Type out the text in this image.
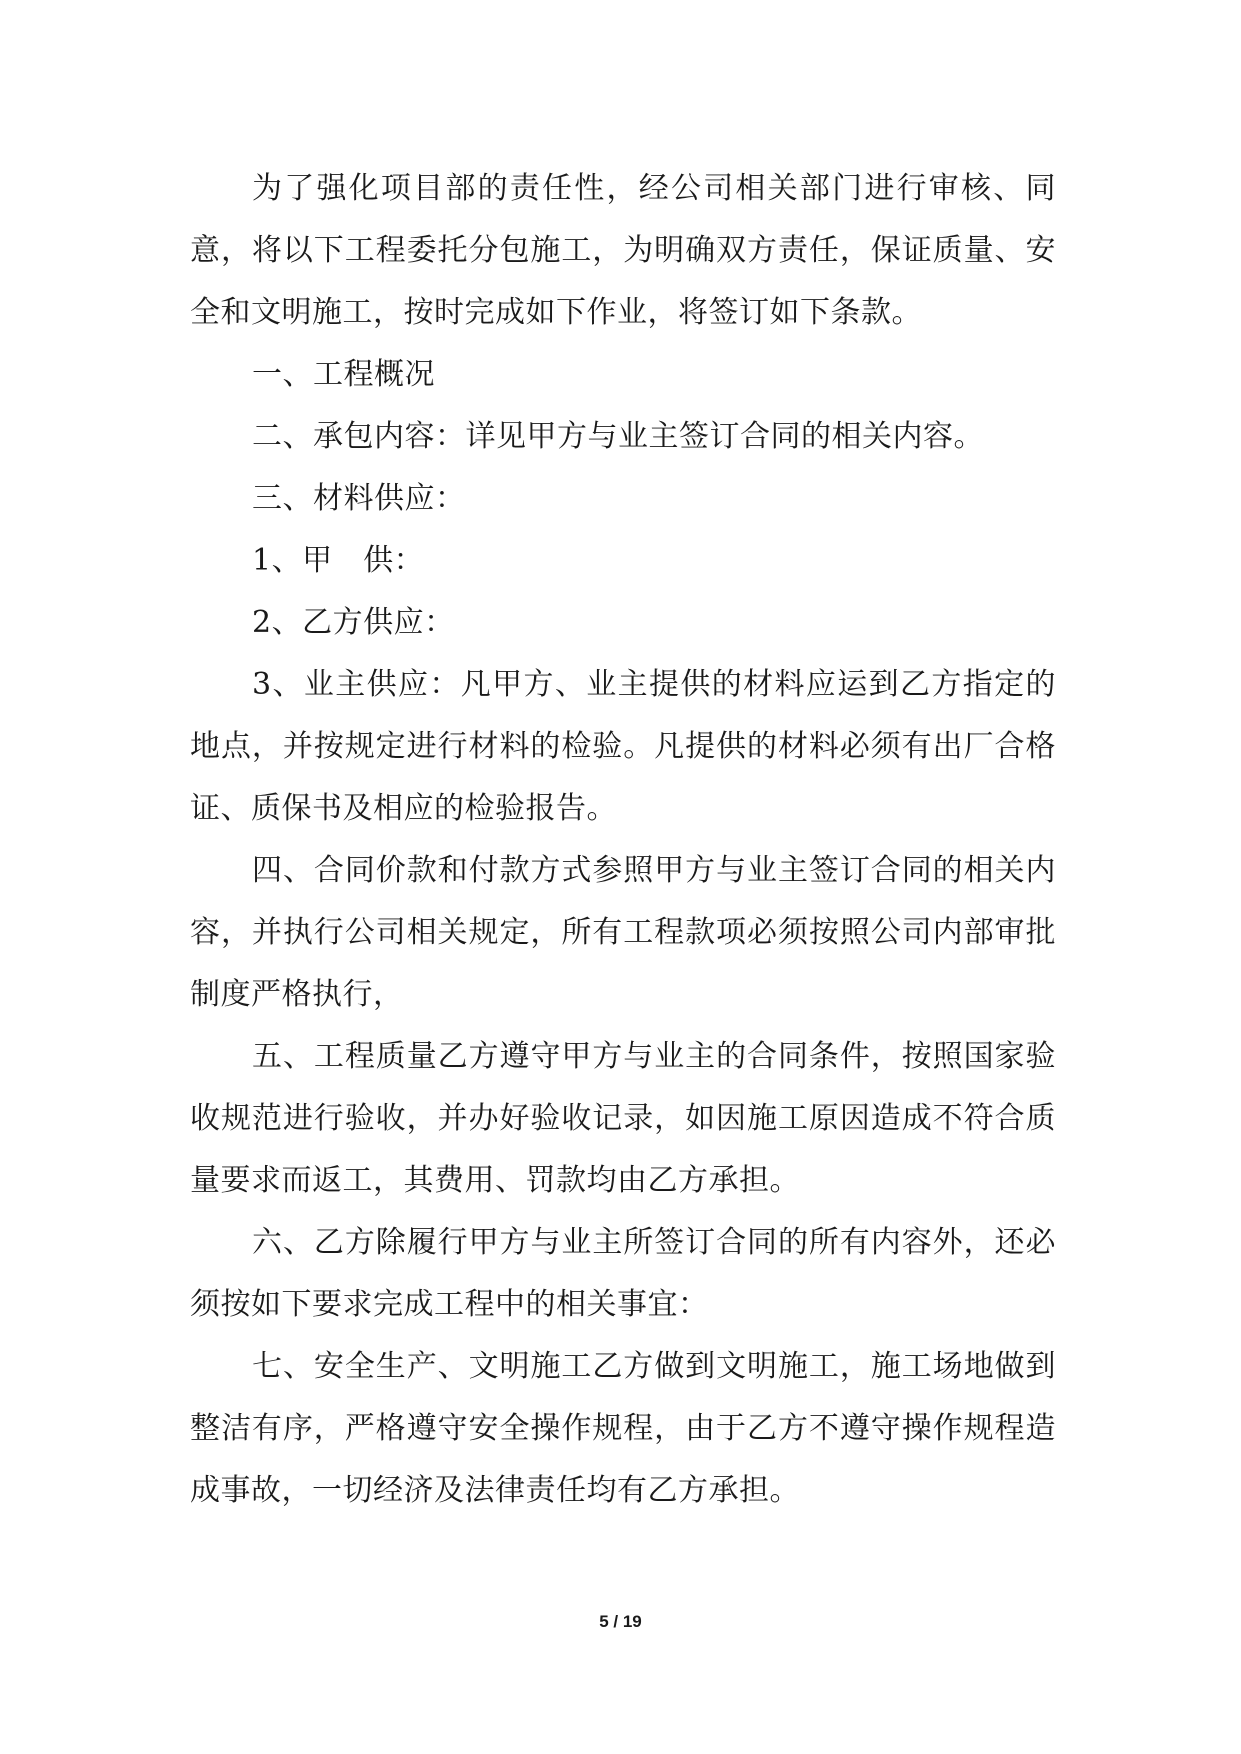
为了强化项目部的责任性，经公司相关部门进行审核、同意，将以下工程委托分包施工，为明确双方责任，保证质量、安全和文明施工，按时完成如下作业，将签订如下条款。

一、工程概况

二、承包内容：详见甲方与业主签订合同的相关内容。

三、材料供应：

1、甲　供：

2、乙方供应：

3、业主供应：凡甲方、业主提供的材料应运到乙方指定的地点，并按规定进行材料的检验。凡提供的材料必须有出厂合格证、质保书及相应的检验报告。

四、合同价款和付款方式参照甲方与业主签订合同的相关内容，并执行公司相关规定，所有工程款项必须按照公司内部审批制度严格执行，

五、工程质量乙方遵守甲方与业主的合同条件，按照国家验收规范进行验收，并办好验收记录，如因施工原因造成不符合质量要求而返工，其费用、罚款均由乙方承担。

六、乙方除履行甲方与业主所签订合同的所有内容外，还必须按如下要求完成工程中的相关事宜：

七、安全生产、文明施工乙方做到文明施工，施工场地做到整洁有序，严格遵守安全操作规程，由于乙方不遵守操作规程造成事故，一切经济及法律责任均有乙方承担。

5 / 19
